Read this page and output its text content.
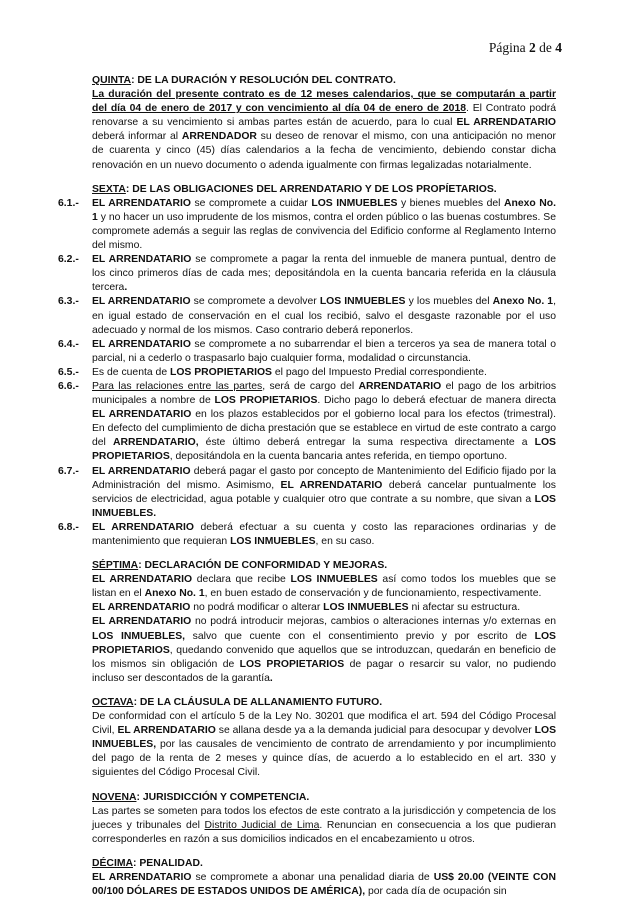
Página 2 de 4
QUINTA: DE LA DURACIÓN Y RESOLUCIÓN DEL CONTRATO.

La duración del presente contrato es de 12 meses calendarios, que se computarán a partir del día 04 de enero de 2017 y con vencimiento al día 04 de enero de 2018. El Contrato podrá renovarse a su vencimiento si ambas partes están de acuerdo, para lo cual EL ARRENDATARIO deberá informar al ARRENDADOR su deseo de renovar el mismo, con una anticipación no menor de cuarenta y cinco (45) días calendarios a la fecha de vencimiento, debiendo constar dicha renovación en un nuevo documento o adenda igualmente con firmas legalizadas notarialmente.

SEXTA: DE LAS OBLIGACIONES DEL ARRENDATARIO Y DE LOS PROPÍETARIOS.
6.1.-	EL ARRENDATARIO se compromete a cuidar LOS INMUEBLES y bienes muebles del Anexo No. 1 y no hacer un uso imprudente de los mismos, contra el orden público o las buenas costumbres. Se compromete además a seguir las reglas de convivencia del Edificio conforme al Reglamento Interno del mismo.
6.2.-	EL ARRENDATARIO se compromete a pagar la renta del inmueble de manera puntual, dentro de los cinco primeros días de cada mes; depositándola en la cuenta bancaria referida en la cláusula tercera.
6.3.-	EL ARRENDATARIO se compromete a devolver LOS INMUEBLES y los muebles del Anexo No. 1, en igual estado de conservación en el cual los recibió, salvo el desgaste razonable por el uso adecuado y normal de los mismos. Caso contrario deberá reponerlos.
6.4.-	EL ARRENDATARIO se compromete a no subarrendar el bien a terceros ya sea de manera total o parcial, ni a cederlo o traspasarlo bajo cualquier forma, modalidad o circunstancia.
6.5.-	Es de cuenta de LOS PROPIETARIOS el pago del Impuesto Predial correspondiente.
6.6.-	Para las relaciones entre las partes, será de cargo del ARRENDATARIO el pago de los arbitrios municipales a nombre de LOS PROPIETARIOS. Dicho pago lo deberá efectuar de manera directa EL ARRENDATARIO en los plazos establecidos por el gobierno local para los efectos (trimestral). En defecto del cumplimiento de dicha prestación que se establece en virtud de este contrato a cargo del ARRENDATARIO, éste último deberá entregar la suma respectiva directamente a LOS PROPIETARIOS, depositándola en la cuenta bancaria antes referida, en tiempo oportuno.
6.7.-	EL ARRENDATARIO deberá pagar el gasto por concepto de Mantenimiento del Edificio fijado por la Administración del mismo. Asimismo, EL ARRENDATARIO deberá cancelar puntualmente los servicios de electricidad, agua potable y cualquier otro que contrate a su nombre, que sivan a LOS INMUEBLES.
6.8.-	EL ARRENDATARIO deberá efectuar a su cuenta y costo las reparaciones ordinarias y de mantenimiento que requieran LOS INMUEBLES, en su caso.
SÉPTIMA: DECLARACIÓN DE CONFORMIDAD Y MEJORAS.

EL ARRENDATARIO declara que recibe LOS INMUEBLES así como todos los muebles que se listan en el Anexo No. 1, en buen estado de conservación y de funcionamiento, respectivamente.

EL ARRENDATARIO no podrá modificar o alterar LOS INMUEBLES ni afectar su estructura.

EL ARRENDATARIO no podrá introducir mejoras, cambios o alteraciones internas y/o externas en LOS INMUEBLES, salvo que cuente con el consentimiento previo y por escrito de LOS PROPIETARIOS, quedando convenido que aquellos que se introduzcan, quedarán en beneficio de los mismos sin obligación de LOS PROPIETARIOS de pagar o resarcir su valor, no pudiendo incluso ser descontados de la garantía.

OCTAVA: DE LA CLÁUSULA DE ALLANAMIENTO FUTURO.

De conformidad con el artículo 5 de la Ley No. 30201 que modifica el art. 594 del Código Procesal Civil, EL ARRENDATARIO se allana desde ya a la demanda judicial para desocupar y devolver LOS INMUEBLES, por las causales de vencimiento de contrato de arrendamiento y por incumplimiento del pago de la renta de 2 meses y quince días, de acuerdo a lo establecido en el art. 330 y siguientes del Código Procesal Civil.

NOVENA: JURISDICCIÓN Y COMPETENCIA.

Las partes se someten para todos los efectos de este contrato a la jurisdicción y competencia de los jueces y tribunales del Distrito Judicial de Lima. Renuncian en consecuencia a los que pudieran corresponderles en razón a sus domicilios indicados en el encabezamiento u otros.

DÉCIMA: PENALIDAD.

EL ARRENDATARIO se compromete a abonar una penalidad diaria de US$ 20.00 (VEINTE CON 00/100 DÓLARES DE ESTADOS UNIDOS DE AMÉRICA), por cada día de ocupación sin
